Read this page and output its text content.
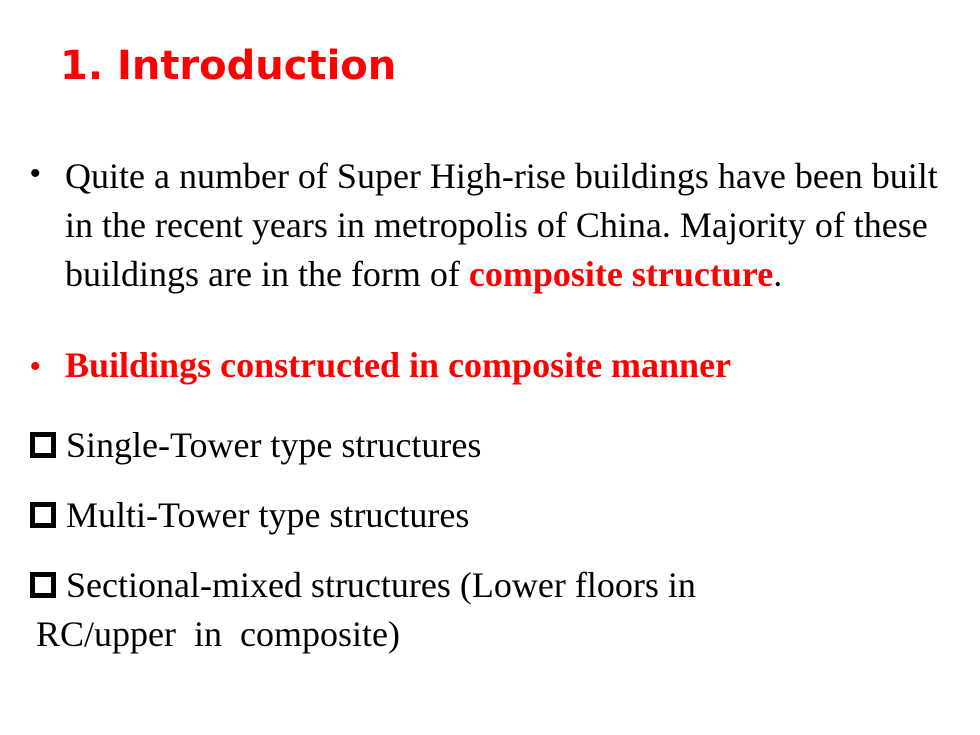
1. Introduction
• Quite a number of Super High-rise buildings have been built in the recent years in metropolis of China. Majority of these buildings are in the form of composite structure.
• Buildings constructed in composite manner
Single-Tower type structures
Multi-Tower type structures
Sectional-mixed structures (Lower floors in
RC/upper  in  composite)
